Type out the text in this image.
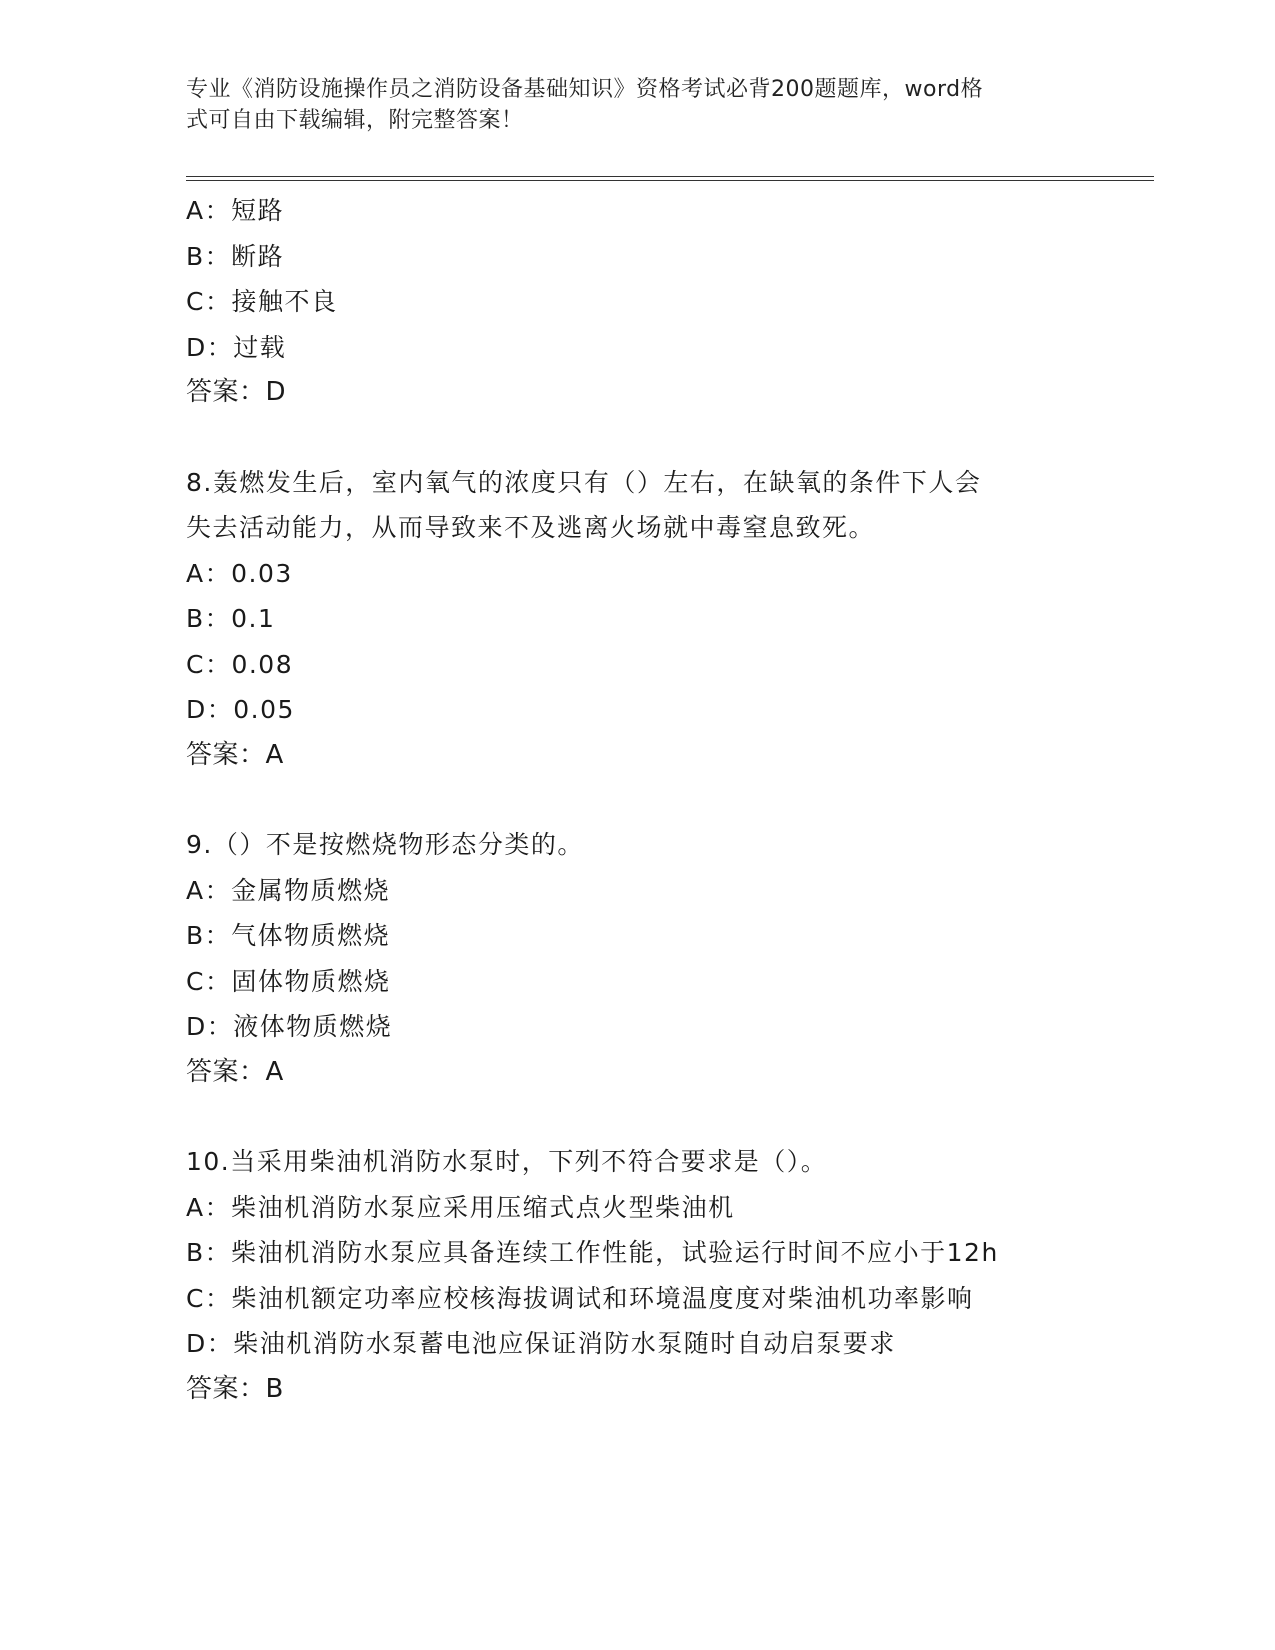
专业《消防设施操作员之消防设备基础知识》资格考试必背200题题库，word格
式可自由下载编辑，附完整答案！
A：短路
B：断路
C：接触不良
D：过载
答案：D
8.轰燃发生后，室内氧气的浓度只有（）左右，在缺氧的条件下人会
失去活动能力，从而导致来不及逃离火场就中毒窒息致死。
A：0.03
B：0.1
C：0.08
D：0.05
答案：A
9.（）不是按燃烧物形态分类的。
A：金属物质燃烧
B：气体物质燃烧
C：固体物质燃烧
D：液体物质燃烧
答案：A
10.当采用柴油机消防水泵时，下列不符合要求是（）。
A：柴油机消防水泵应采用压缩式点火型柴油机
B：柴油机消防水泵应具备连续工作性能，试验运行时间不应小于12h
C：柴油机额定功率应校核海拔调试和环境温度度对柴油机功率影响
D：柴油机消防水泵蓄电池应保证消防水泵随时自动启泵要求
答案：B
